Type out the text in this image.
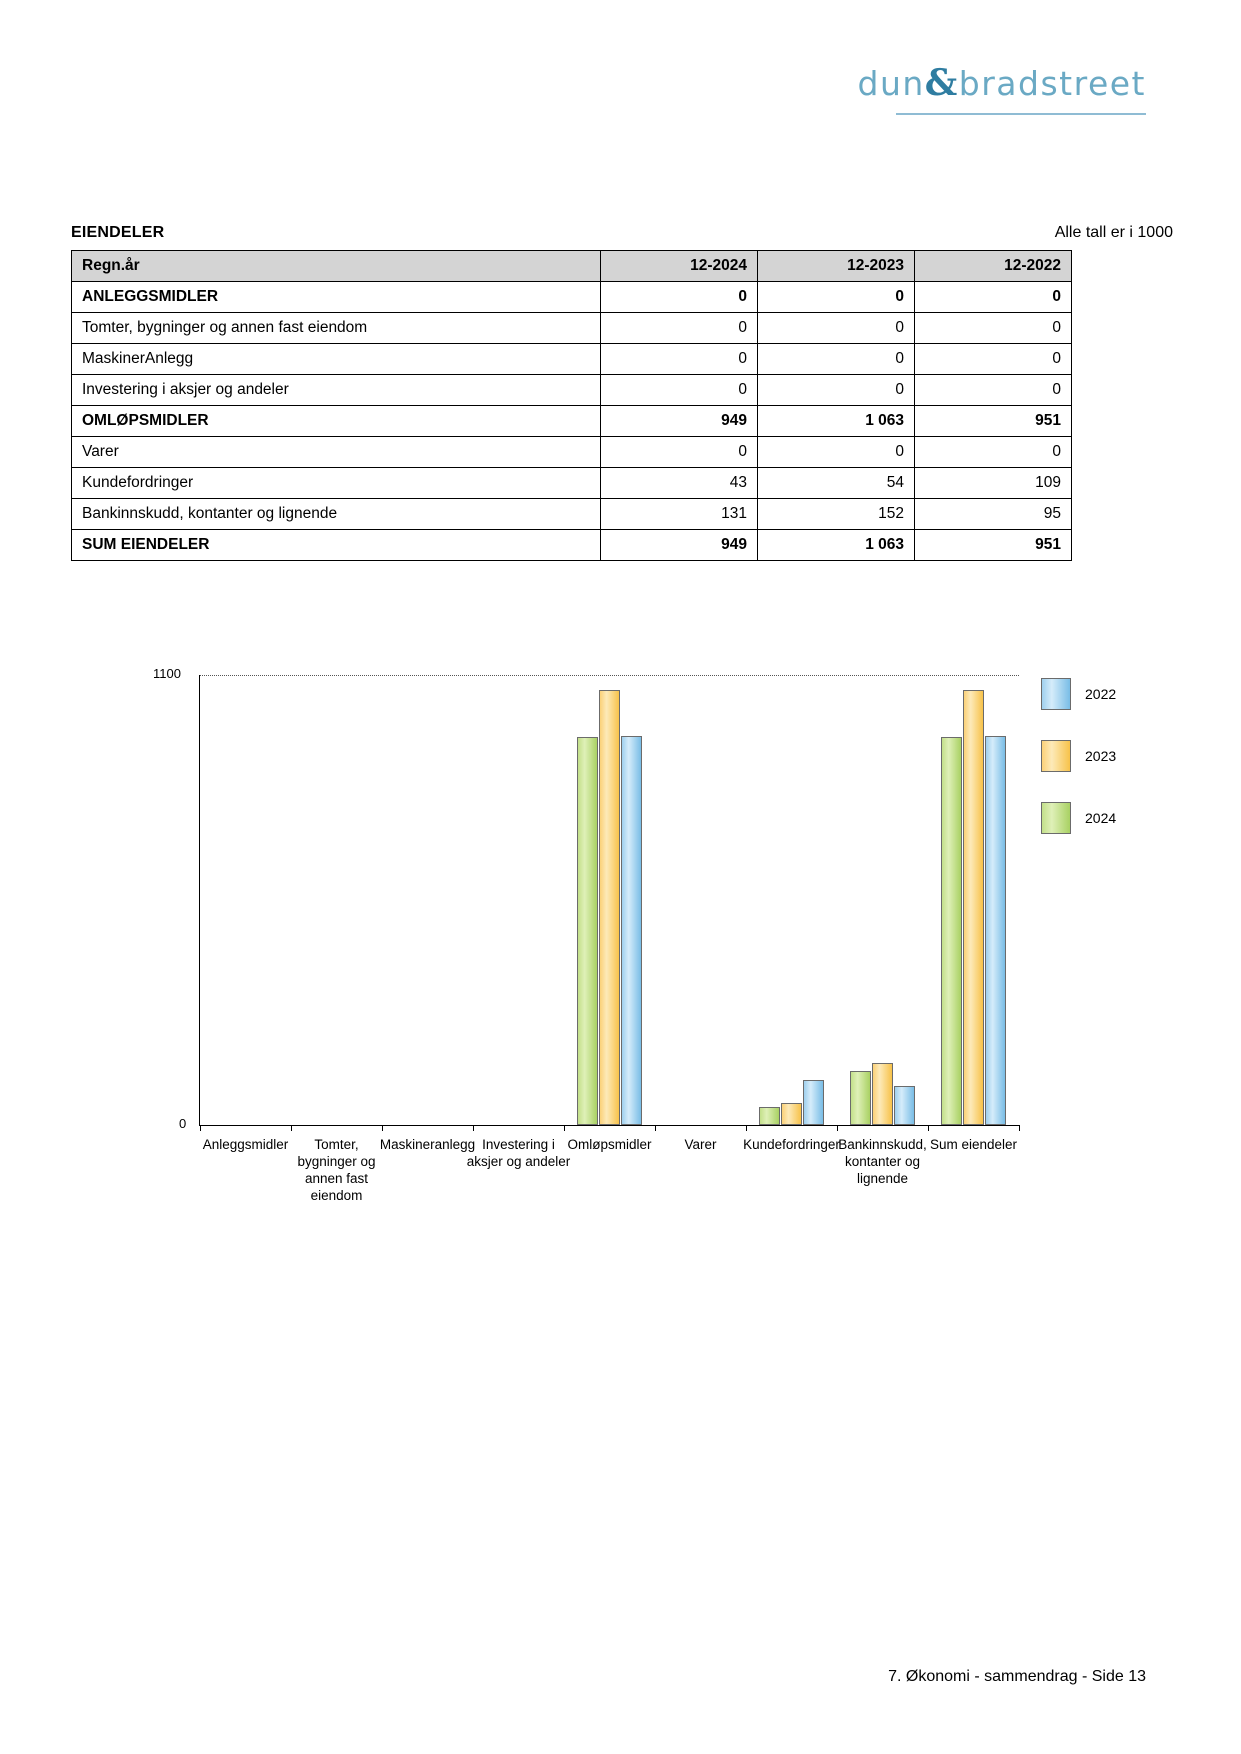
dun&bradstreet
EIENDELER	Alle tall er i 1000
Regn.år	12-2024	12-2023	12-2022
ANLEGGSMIDLER	0	0	0
Tomter, bygninger og annen fast eiendom	0	0	0
MaskinerAnlegg	0	0	0
Investering i aksjer og andeler	0	0	0
OMLØPSMIDLER	949	1 063	951
Varer	0	0	0
Kundefordringer	43	54	109
Bankinnskudd, kontanter og lignende	131	152	95
SUM EIENDELER	949	1 063	951
1100
0
Anleggsmidler	Tomter, bygninger og annen fast eiendom
Maskineranlegg Investering i aksjer og andeler
Omløpsmidler	Varer	Kundefordringer
Bankinnskudd, kontanter og lignende
Sum eiendeler
2022
2023
2024
7. Økonomi - sammendrag - Side 13
